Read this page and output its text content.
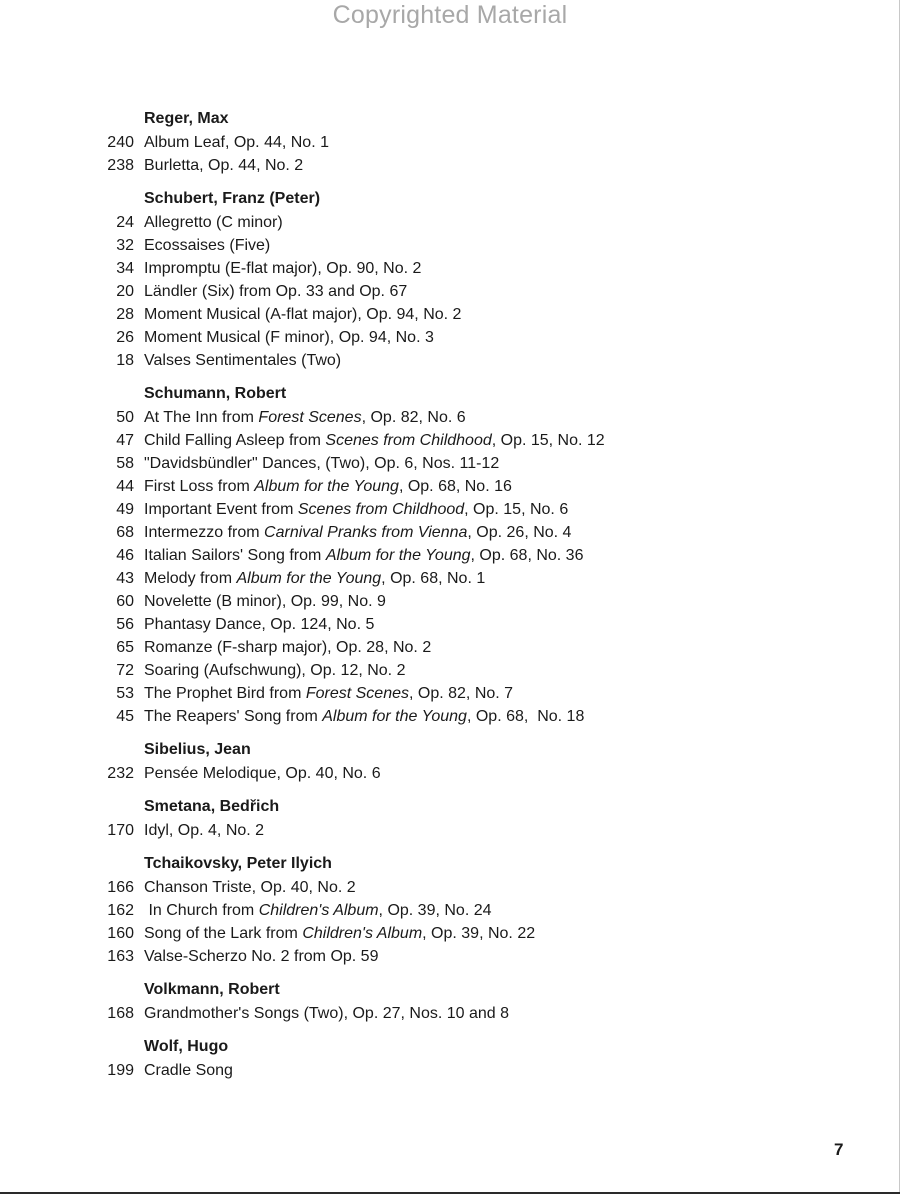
Copyrighted Material
Reger, Max
240 Album Leaf, Op. 44, No. 1
238 Burletta, Op. 44, No. 2
Schubert, Franz (Peter)
24 Allegretto (C minor)
32 Ecossaises (Five)
34 Impromptu (E-flat major), Op. 90, No. 2
20 Ländler (Six) from Op. 33 and Op. 67
28 Moment Musical (A-flat major), Op. 94, No. 2
26 Moment Musical (F minor), Op. 94, No. 3
18 Valses Sentimentales (Two)
Schumann, Robert
50 At The Inn from Forest Scenes, Op. 82, No. 6
47 Child Falling Asleep from Scenes from Childhood, Op. 15, No. 12
58 "Davidsbündler" Dances, (Two), Op. 6, Nos. 11-12
44 First Loss from Album for the Young, Op. 68, No. 16
49 Important Event from Scenes from Childhood, Op. 15, No. 6
68 Intermezzo from Carnival Pranks from Vienna, Op. 26, No. 4
46 Italian Sailors' Song from Album for the Young, Op. 68, No. 36
43 Melody from Album for the Young, Op. 68, No. 1
60 Novelette (B minor), Op. 99, No. 9
56 Phantasy Dance, Op. 124, No. 5
65 Romanze (F-sharp major), Op. 28, No. 2
72 Soaring (Aufschwung), Op. 12, No. 2
53 The Prophet Bird from Forest Scenes, Op. 82, No. 7
45 The Reapers' Song from Album for the Young, Op. 68,  No. 18
Sibelius, Jean
232 Pensée Melodique, Op. 40, No. 6
Smetana, Bedřich
170 Idyl, Op. 4, No. 2
Tchaikovsky, Peter Ilyich
166 Chanson Triste, Op. 40, No. 2
162 In Church from Children's Album, Op. 39, No. 24
160 Song of the Lark from Children's Album, Op. 39, No. 22
163 Valse-Scherzo No. 2 from Op. 59
Volkmann, Robert
168 Grandmother's Songs (Two), Op. 27, Nos. 10 and 8
Wolf, Hugo
199 Cradle Song
7
